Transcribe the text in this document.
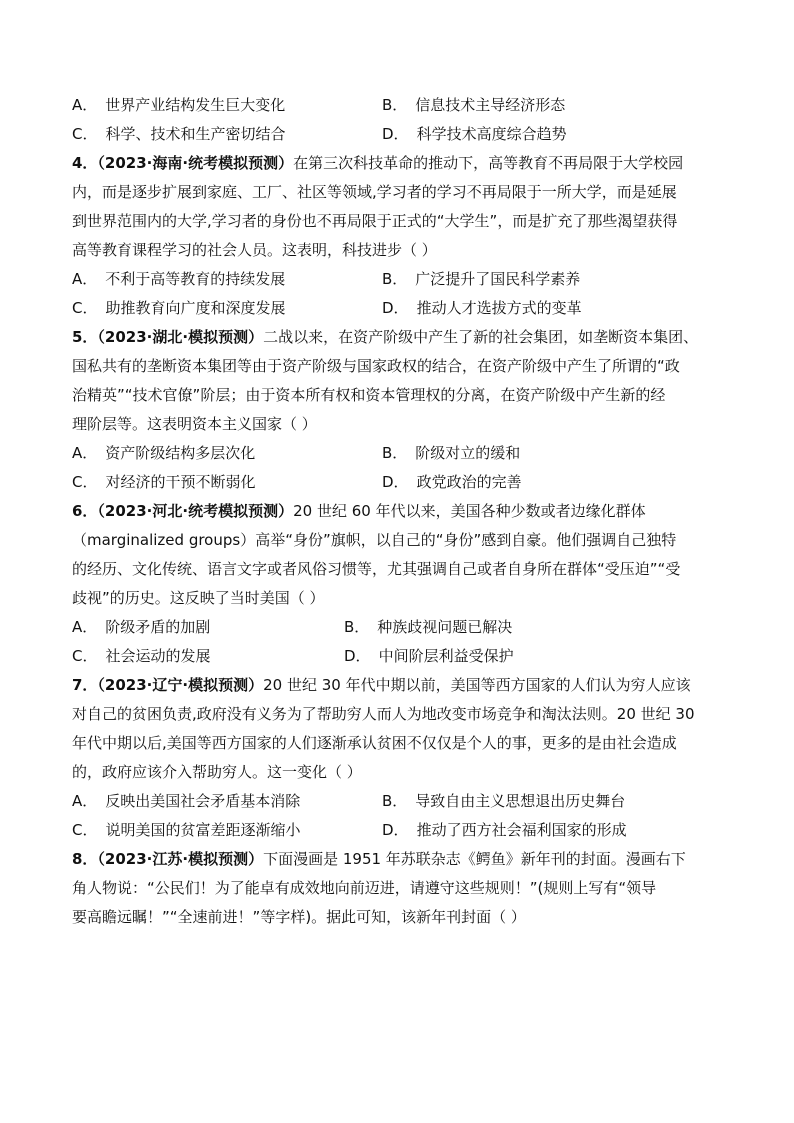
A． 世界产业结构发生巨大变化	B． 信息技术主导经济形态
C． 科学、技术和生产密切结合	D． 科学技术高度综合趋势
4．（2023·海南·统考模拟预测）在第三次科技革命的推动下，高等教育不再局限于大学校园
内，而是逐步扩展到家庭、工厂、社区等领域,学习者的学习不再局限于一所大学，而是延展
到世界范围内的大学,学习者的身份也不再局限于正式的“大学生”，而是扩充了那些渴望获得
高等教育课程学习的社会人员。这表明，科技进步（ ）
A． 不利于高等教育的持续发展	B． 广泛提升了国民科学素养
C． 助推教育向广度和深度发展	D． 推动人才选拔方式的变革
5．（2023·湖北·模拟预测）二战以来，在资产阶级中产生了新的社会集团，如垄断资本集团、
国私共有的垄断资本集团等由于资产阶级与国家政权的结合，在资产阶级中产生了所谓的“政
治精英”“技术官僚”阶层；由于资本所有权和资本管理权的分离，在资产阶级中产生新的经
理阶层等。这表明资本主义国家（ ）
A． 资产阶级结构多层次化	B． 阶级对立的缓和
C． 对经济的干预不断弱化	D． 政党政治的完善
6．（2023·河北·统考模拟预测）20 世纪 60 年代以来，美国各种少数或者边缘化群体
（marginalized groups）高举“身份”旗帜，以自己的“身份”感到自豪。他们强调自己独特
的经历、文化传统、语言文字或者风俗习惯等，尤其强调自己或者自身所在群体“受压迫”“受
歧视”的历史。这反映了当时美国（ ）
A． 阶级矛盾的加剧	B． 种族歧视问题已解决
C． 社会运动的发展	D． 中间阶层利益受保护
7．（2023·辽宁·模拟预测）20 世纪 30 年代中期以前，美国等西方国家的人们认为穷人应该
对自己的贫困负责,政府没有义务为了帮助穷人而人为地改变市场竞争和淘汰法则。20 世纪 30
年代中期以后,美国等西方国家的人们逐渐承认贫困不仅仅是个人的事，更多的是由社会造成
的，政府应该介入帮助穷人。这一变化（ ）
A． 反映出美国社会矛盾基本消除	B． 导致自由主义思想退出历史舞台
C． 说明美国的贫富差距逐渐缩小	D． 推动了西方社会福利国家的形成
8．（2023·江苏·模拟预测）下面漫画是 1951 年苏联杂志《鳄鱼》新年刊的封面。漫画右下
角人物说：“公民们！为了能卓有成效地向前迈进，请遵守这些规则！”(规则上写有“领导
要高瞻远瞩！”“全速前进！”等字样)。据此可知，该新年刊封面（ ）
